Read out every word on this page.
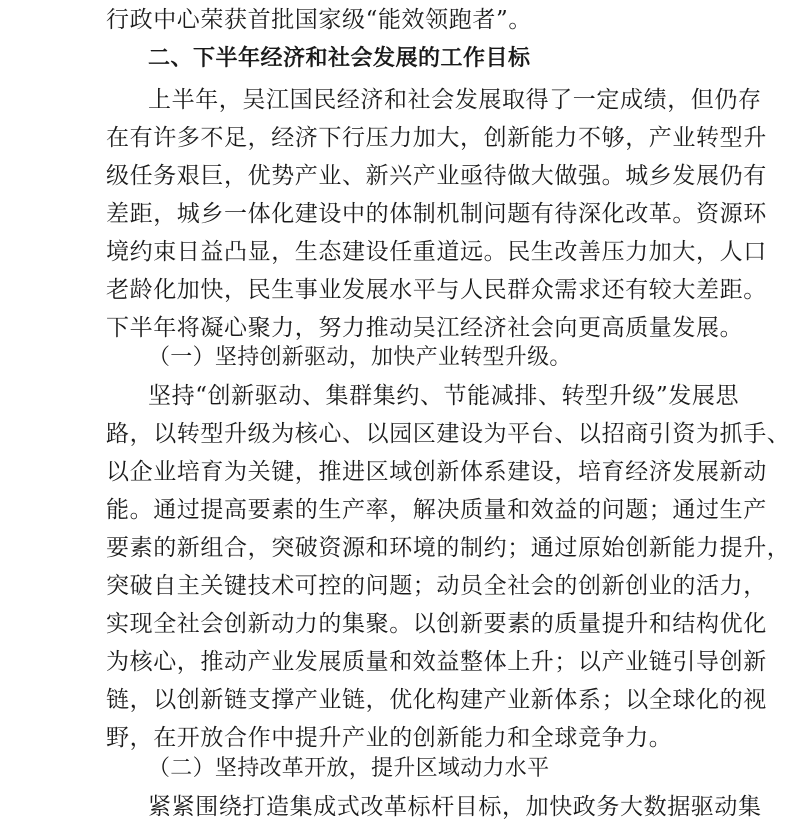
行政中心荣获首批国家级“能效领跑者”。
二、下半年经济和社会发展的工作目标
上半年，吴江国民经济和社会发展取得了一定成绩，但仍存
在有许多不足，经济下行压力加大，创新能力不够，产业转型升
级任务艰巨，优势产业、新兴产业亟待做大做强。城乡发展仍有
差距，城乡一体化建设中的体制机制问题有待深化改革。资源环
境约束日益凸显，生态建设任重道远。民生改善压力加大，人口
老龄化加快，民生事业发展水平与人民群众需求还有较大差距。
下半年将凝心聚力，努力推动吴江经济社会向更高质量发展。
（一）坚持创新驱动，加快产业转型升级。
坚持“创新驱动、集群集约、节能减排、转型升级”发展思
路，以转型升级为核心、以园区建设为平台、以招商引资为抓手、
以企业培育为关键，推进区域创新体系建设，培育经济发展新动
能。通过提高要素的生产率，解决质量和效益的问题；通过生产
要素的新组合，突破资源和环境的制约；通过原始创新能力提升，
突破自主关键技术可控的问题；动员全社会的创新创业的活力，
实现全社会创新动力的集聚。以创新要素的质量提升和结构优化
为核心，推动产业发展质量和效益整体上升；以产业链引导创新
链，以创新链支撑产业链，优化构建产业新体系；以全球化的视
野，在开放合作中提升产业的创新能力和全球竞争力。
（二）坚持改革开放，提升区域动力水平
紧紧围绕打造集成式改革标杆目标，加快政务大数据驱动集
